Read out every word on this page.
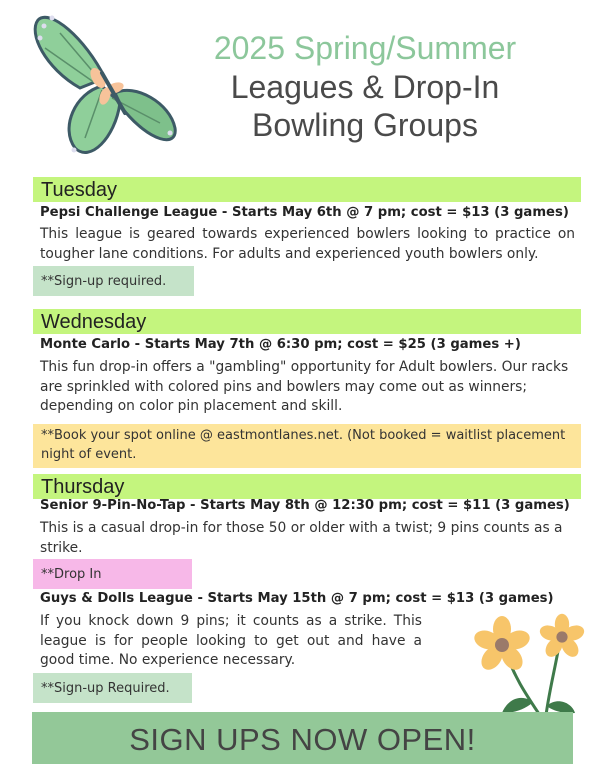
2025 Spring/Summer
Leagues & Drop-In
Bowling Groups
Tuesday
Pepsi Challenge League - Starts May 6th @ 7 pm; cost = $13 (3 games)
This league is geared towards experienced bowlers looking to practice on tougher lane conditions. For adults and experienced youth bowlers only.
**Sign-up required.
Wednesday
Monte Carlo - Starts May 7th @ 6:30 pm; cost = $25 (3 games +)
This fun drop-in offers a "gambling" opportunity for Adult bowlers. Our racks are sprinkled with colored pins and bowlers may come out as winners; depending on color pin placement and skill.
**Book your spot online @ eastmontlanes.net. (Not booked = waitlist placement night of event.
Thursday
Senior 9-Pin-No-Tap - Starts May 8th @ 12:30 pm; cost = $11 (3 games)
This is a casual drop-in for those 50 or older with a twist; 9 pins counts as a strike.
**Drop In
Guys & Dolls League - Starts May 15th @ 7 pm; cost = $13 (3 games)
If you knock down 9 pins; it counts as a strike. This league is for people looking to get out and have a good time. No experience necessary.
**Sign-up Required.
SIGN UPS NOW OPEN!
